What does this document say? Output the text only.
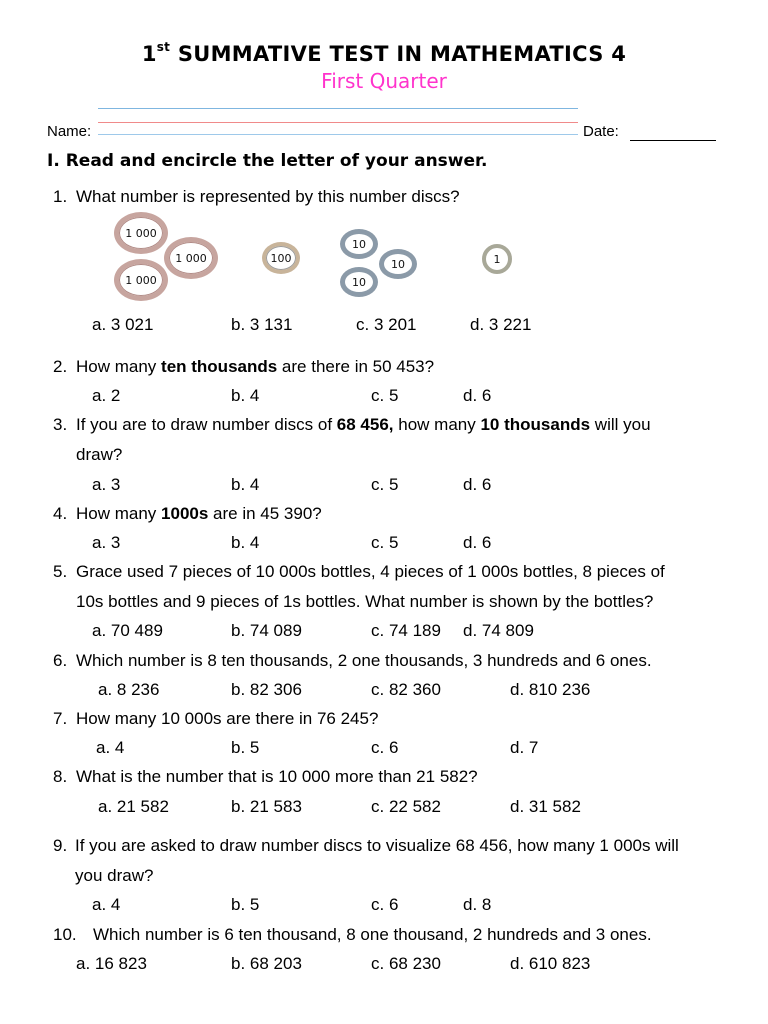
1st SUMMATIVE TEST IN MATHEMATICS 4
First Quarter
Name:	Date:
I. Read and encircle the letter of your answer.
1. What number is represented by this number discs?
1 000
1 000
1 000
100
10
10
10
1
a. 3 021	b. 3 131	c. 3 201	d. 3 221
2. How many ten thousands are there in 50 453?
a. 2	b. 4	c. 5	d. 6
3. If you are to draw number discs of 68 456, how many 10 thousands will you
draw?
a. 3	b. 4	c. 5	d. 6
4. How many 1000s are in 45 390?
a. 3	b. 4	c. 5	d. 6
5. Grace used 7 pieces of 10 000s bottles, 4 pieces of 1 000s bottles, 8 pieces of
10s bottles and 9 pieces of 1s bottles. What number is shown by the bottles?
a. 70 489	b. 74 089	c. 74 189 d. 74 809
6. Which number is 8 ten thousands, 2 one thousands, 3 hundreds and 6 ones.
a. 8 236	b. 82 306	c. 82 360	d. 810 236
7. How many 10 000s are there in 76 245?
a. 4	b. 5	c. 6	d. 7
8. What is the number that is 10 000 more than 21 582?
a. 21 582	b. 21 583	c. 22 582	d. 31 582
9. If you are asked to draw number discs to visualize 68 456, how many 1 000s will
you draw?
a. 4	b. 5	c. 6	d. 8
10. Which number is 6 ten thousand, 8 one thousand, 2 hundreds and 3 ones.
a. 16 823	b. 68 203	c. 68 230	d. 610 823
